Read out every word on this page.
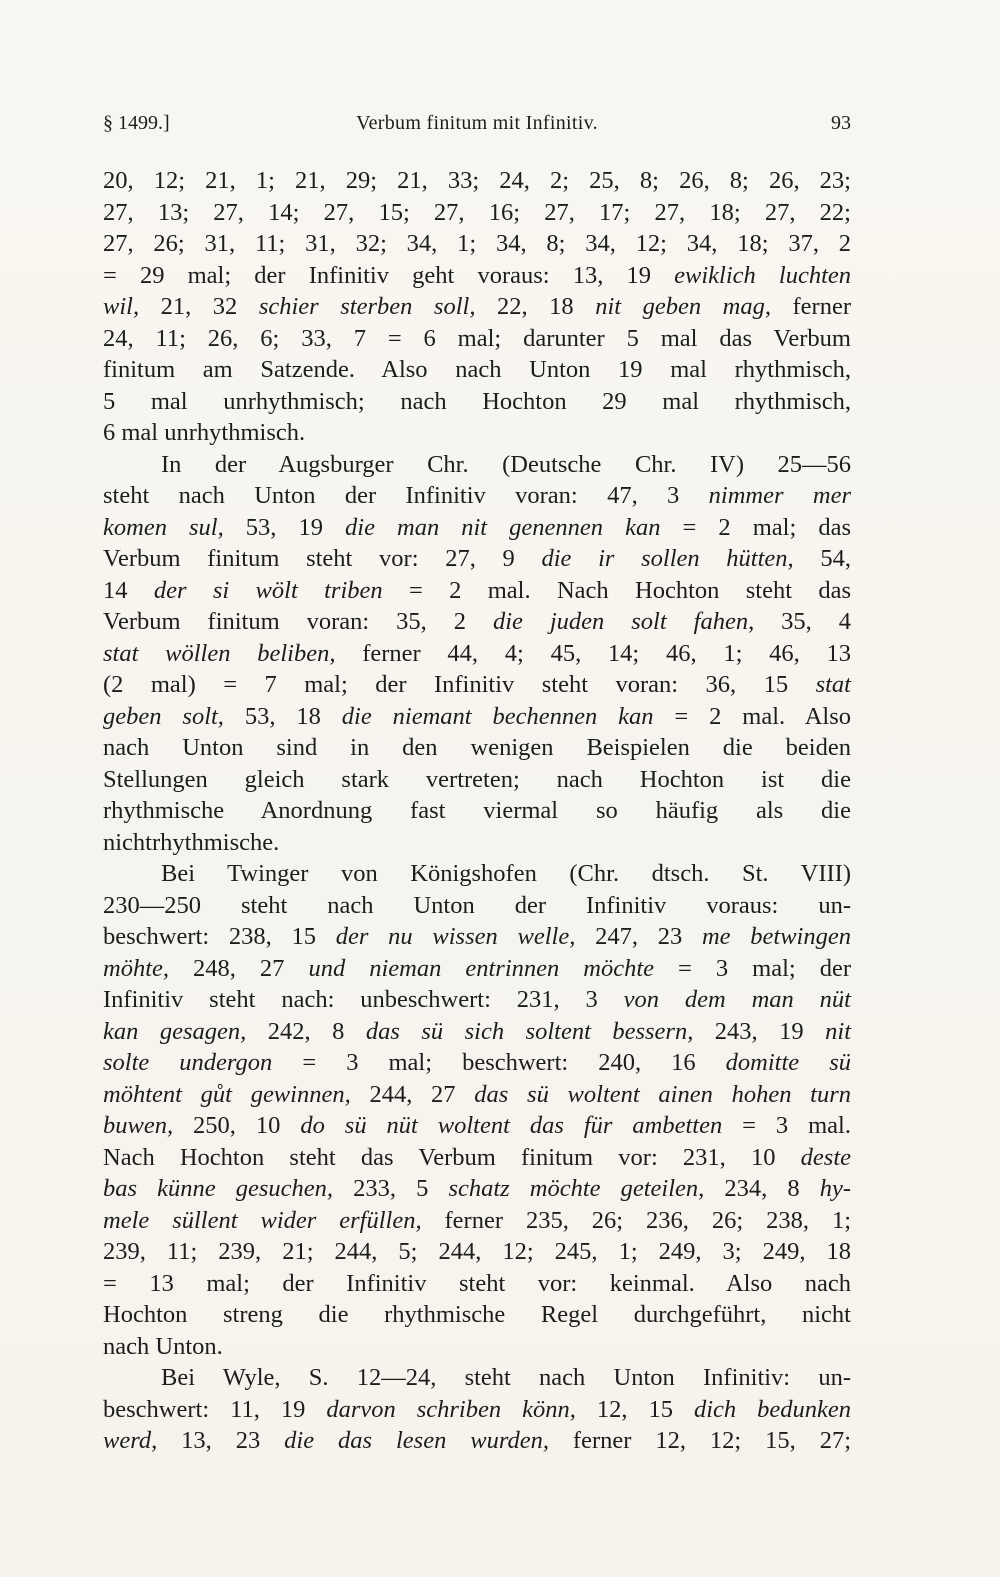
§ 1499.]	Verbum finitum mit Infinitiv.	93
20, 12; 21, 1; 21, 29; 21, 33; 24, 2; 25, 8; 26, 8; 26, 23;
27, 13; 27, 14; 27, 15; 27, 16; 27, 17; 27, 18; 27, 22;
27, 26; 31, 11; 31, 32; 34, 1; 34, 8; 34, 12; 34, 18; 37, 2
= 29 mal; der Infinitiv geht voraus: 13, 19 ewiklich luchten
wil, 21, 32 schier sterben soll, 22, 18 nit geben mag, ferner
24, 11; 26, 6; 33, 7 = 6 mal; darunter 5 mal das Verbum
finitum am Satzende. Also nach Unton 19 mal rhythmisch,
5 mal unrhythmisch; nach Hochton 29 mal rhythmisch,
6 mal unrhythmisch.
In der Augsburger Chr. (Deutsche Chr. IV) 25—56
steht nach Unton der Infinitiv voran: 47, 3 nimmer mer
komen sul, 53, 19 die man nit genennen kan = 2 mal; das
Verbum finitum steht vor: 27, 9 die ir sollen hütten, 54,
14 der si wölt triben = 2 mal. Nach Hochton steht das
Verbum finitum voran: 35, 2 die juden solt fahen, 35, 4
stat wöllen beliben, ferner 44, 4; 45, 14; 46, 1; 46, 13
(2 mal) = 7 mal; der Infinitiv steht voran: 36, 15 stat
geben solt, 53, 18 die niemant bechennen kan = 2 mal. Also
nach Unton sind in den wenigen Beispielen die beiden
Stellungen gleich stark vertreten; nach Hochton ist die
rhythmische Anordnung fast viermal so häufig als die
nichtrhythmische.
Bei Twinger von Königshofen (Chr. dtsch. St. VIII)
230—250 steht nach Unton der Infinitiv voraus: un-
beschwert: 238, 15 der nu wissen welle, 247, 23 me betwingen
möhte, 248, 27 und nieman entrinnen möchte = 3 mal; der
Infinitiv steht nach: unbeschwert: 231, 3 von dem man nüt
kan gesagen, 242, 8 das sü sich soltent bessern, 243, 19 nit
solte undergon = 3 mal; beschwert: 240, 16 domitte sü
möhtent gůt gewinnen, 244, 27 das sü woltent ainen hohen turn
buwen, 250, 10 do sü nüt woltent das für ambetten = 3 mal.
Nach Hochton steht das Verbum finitum vor: 231, 10 deste
bas künne gesuchen, 233, 5 schatz möchte geteilen, 234, 8 hy-
mele süllent wider erfüllen, ferner 235, 26; 236, 26; 238, 1;
239, 11; 239, 21; 244, 5; 244, 12; 245, 1; 249, 3; 249, 18
= 13 mal; der Infinitiv steht vor: keinmal. Also nach
Hochton streng die rhythmische Regel durchgeführt, nicht
nach Unton.
Bei Wyle, S. 12—24, steht nach Unton Infinitiv: un-
beschwert: 11, 19 darvon schriben könn, 12, 15 dich bedunken
werd, 13, 23 die das lesen wurden, ferner 12, 12; 15, 27;
